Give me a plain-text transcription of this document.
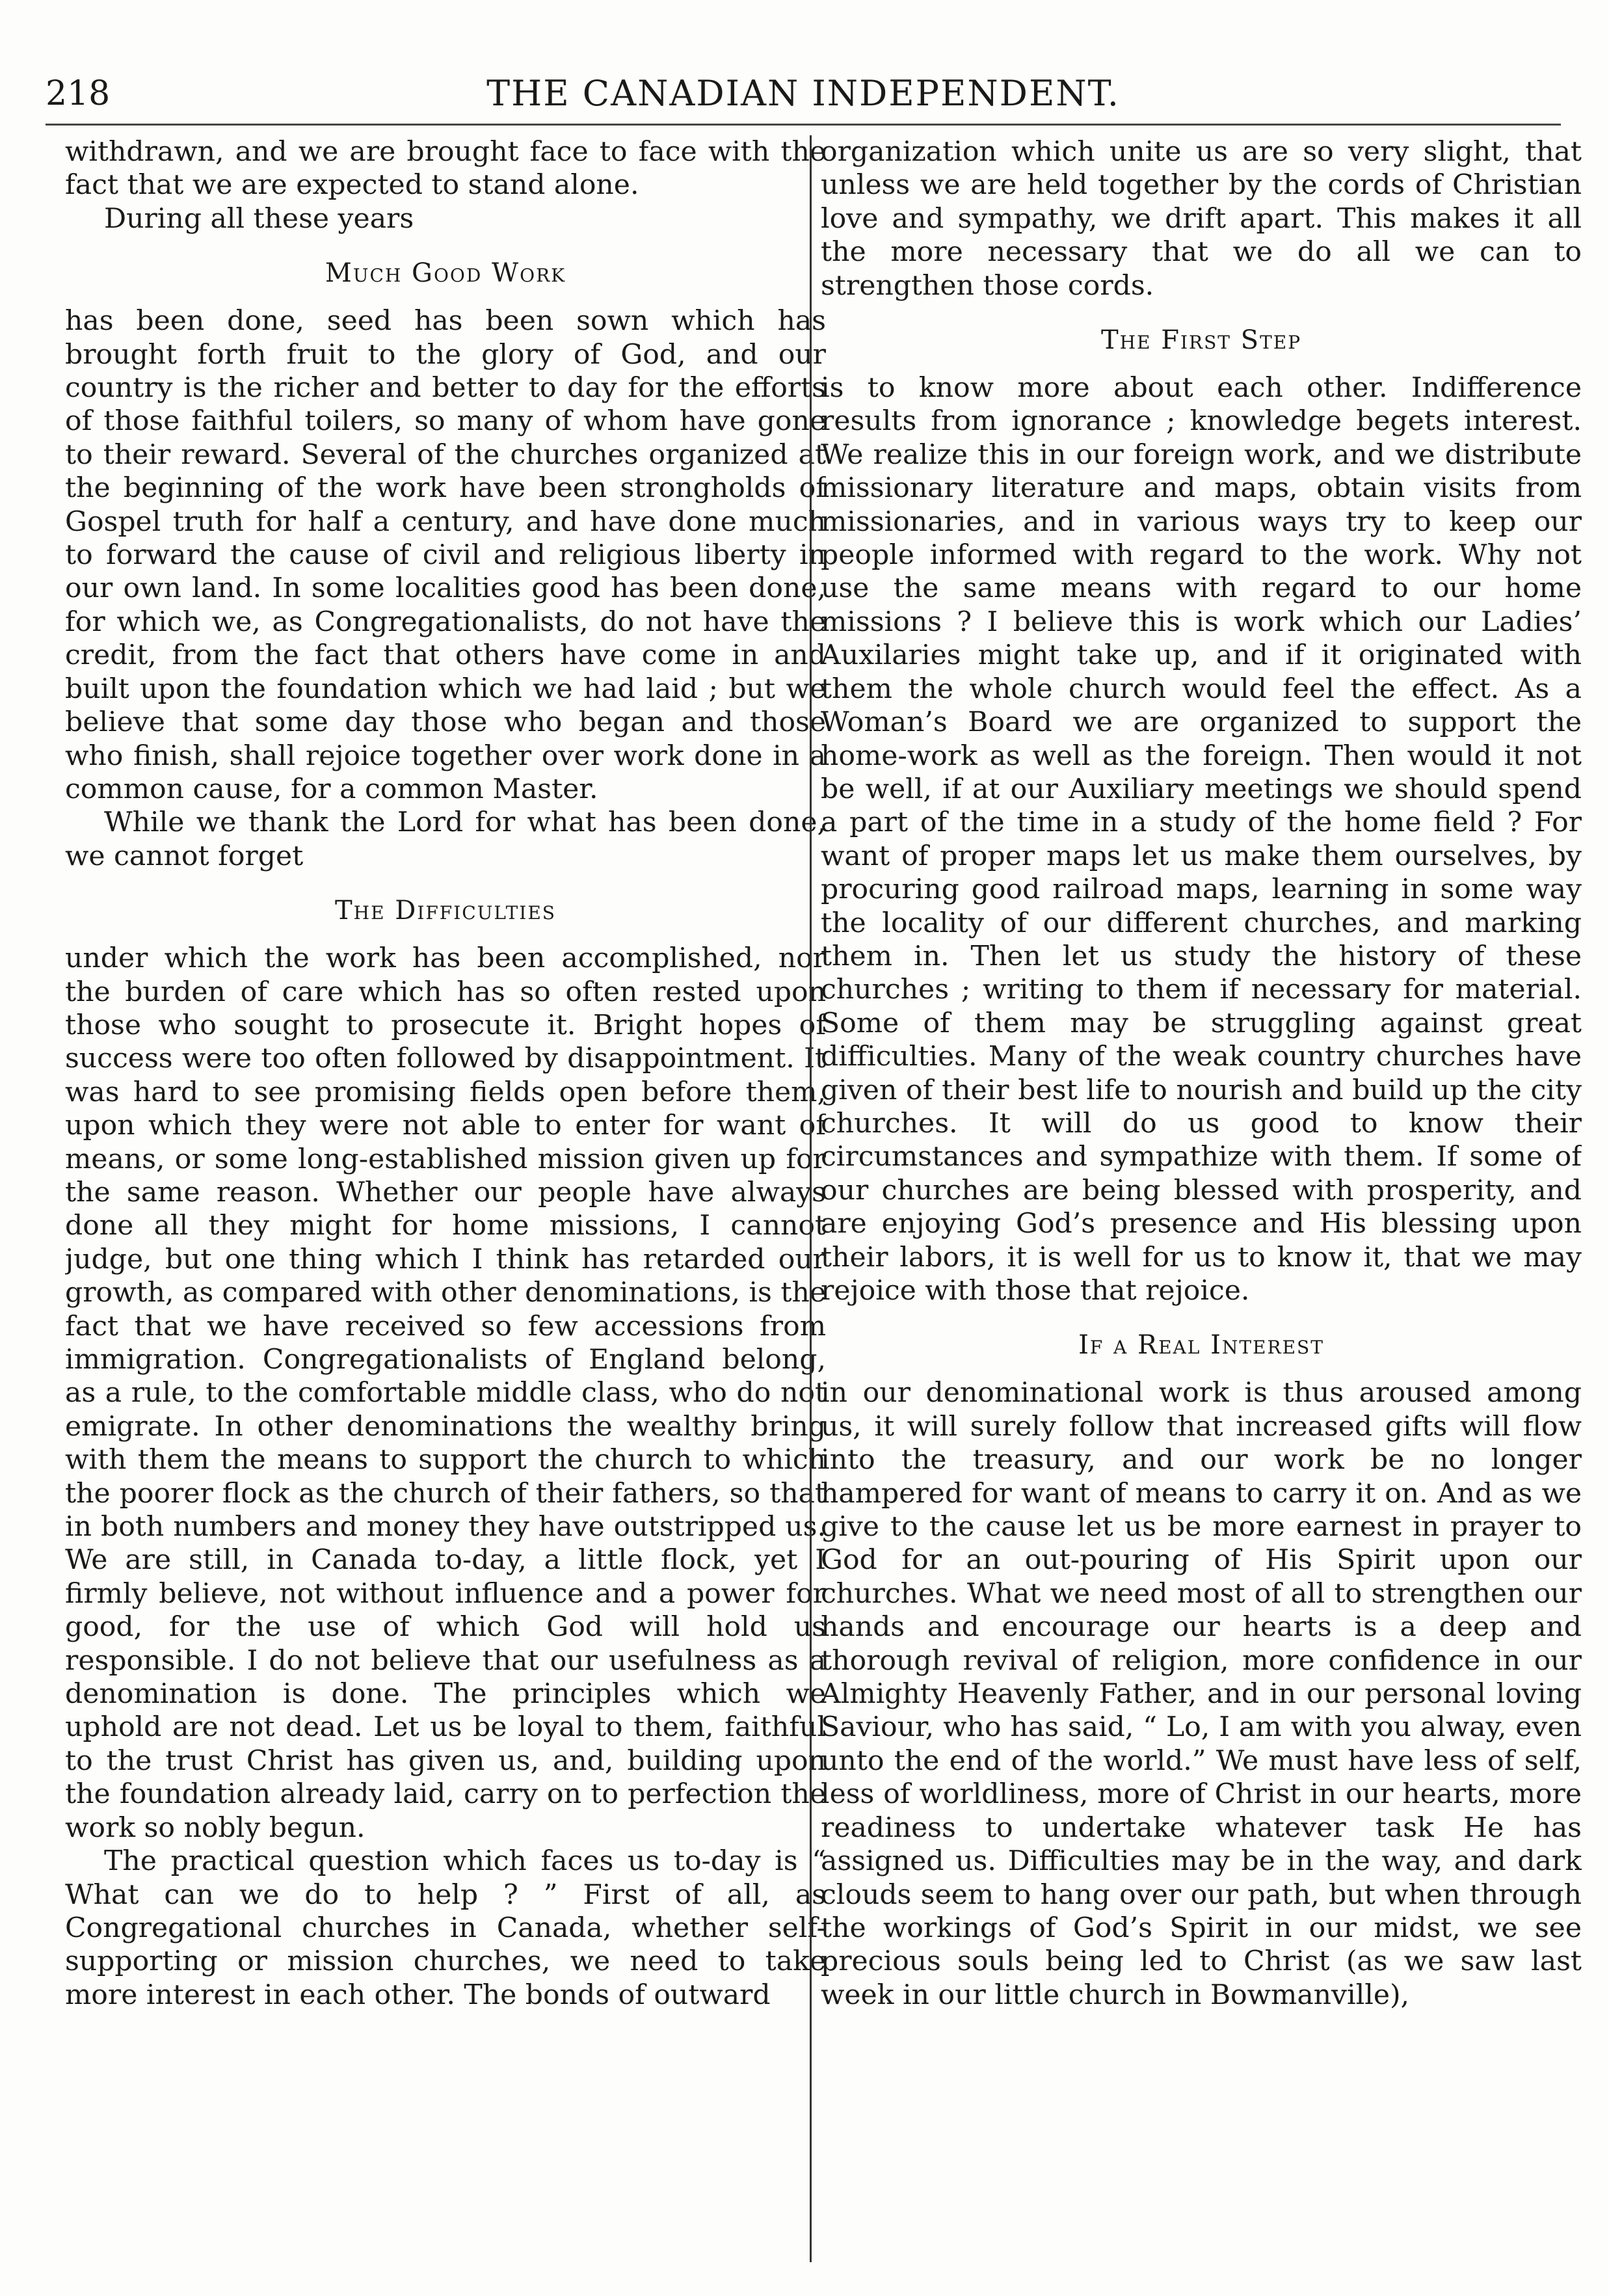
218	THE CANADIAN INDEPENDENT.

withdrawn, and we are brought face to face with the fact that we are expected to stand alone.

During all these years

Much Good Work

has been done, seed has been sown which has brought forth fruit to the glory of God, and our country is the richer and better to day for the efforts of those faithful toilers, so many of whom have gone to their reward. Several of the churches organized at the beginning of the work have been strongholds of Gospel truth for half a century, and have done much to forward the cause of civil and religious liberty in our own land. In some localities good has been done, for which we, as Congregationalists, do not have the credit, from the fact that others have come in and built upon the foundation which we had laid ; but we believe that some day those who began and those who finish, shall rejoice together over work done in a common cause, for a common Master.

While we thank the Lord for what has been done, we cannot forget

The Difficulties

under which the work has been accomplished, nor the burden of care which has so often rested upon those who sought to prosecute it. Bright hopes of success were too often followed by disappointment. It was hard to see promising fields open before them, upon which they were not able to enter for want of means, or some long-established mission given up for the same reason. Whether our people have always done all they might for home missions, I cannot judge, but one thing which I think has retarded our growth, as compared with other denominations, is the fact that we have received so few accessions from immigration. Congregationalists of England belong, as a rule, to the comfortable middle class, who do not emigrate. In other denominations the wealthy bring with them the means to support the church to which the poorer flock as the church of their fathers, so that in both numbers and money they have outstripped us. We are still, in Canada to-day, a little flock, yet I firmly believe, not without influence and a power for good, for the use of which God will hold us responsible. I do not believe that our usefulness as a denomination is done. The principles which we uphold are not dead. Let us be loyal to them, faithful to the trust Christ has given us, and, building upon the foundation already laid, carry on to perfection the work so nobly begun.

The practical question which faces us to-day is “ What can we do to help ? ” First of all, as Congregational churches in Canada, whether self-supporting or mission churches, we need to take more interest in each other. The bonds of outward

organization which unite us are so very slight, that unless we are held together by the cords of Christian love and sympathy, we drift apart. This makes it all the more necessary that we do all we can to strengthen those cords.

The First Step

is to know more about each other. Indifference results from ignorance ; knowledge begets interest. We realize this in our foreign work, and we distribute missionary literature and maps, obtain visits from missionaries, and in various ways try to keep our people informed with regard to the work. Why not use the same means with regard to our home missions ? I believe this is work which our Ladies’ Auxilaries might take up, and if it originated with them the whole church would feel the effect. As a Woman’s Board we are organized to support the home-work as well as the foreign. Then would it not be well, if at our Auxiliary meetings we should spend a part of the time in a study of the home field ? For want of proper maps let us make them ourselves, by procuring good railroad maps, learning in some way the locality of our different churches, and marking them in. Then let us study the history of these churches ; writing to them if necessary for material. Some of them may be struggling against great difficulties. Many of the weak country churches have given of their best life to nourish and build up the city churches. It will do us good to know their circumstances and sympathize with them. If some of our churches are being blessed with prosperity, and are enjoying God’s presence and His blessing upon their labors, it is well for us to know it, that we may rejoice with those that rejoice.

If a Real Interest

in our denominational work is thus aroused among us, it will surely follow that increased gifts will flow into the treasury, and our work be no longer hampered for want of means to carry it on. And as we give to the cause let us be more earnest in prayer to God for an out-pouring of His Spirit upon our churches. What we need most of all to strengthen our hands and encourage our hearts is a deep and thorough revival of religion, more confidence in our Almighty Heavenly Father, and in our personal loving Saviour, who has said, “ Lo, I am with you alway, even unto the end of the world.” We must have less of self, less of worldliness, more of Christ in our hearts, more readiness to undertake whatever task He has assigned us. Difficulties may be in the way, and dark clouds seem to hang over our path, but when through the workings of God’s Spirit in our midst, we see precious souls being led to Christ (as we saw last week in our little church in Bowmanville),
